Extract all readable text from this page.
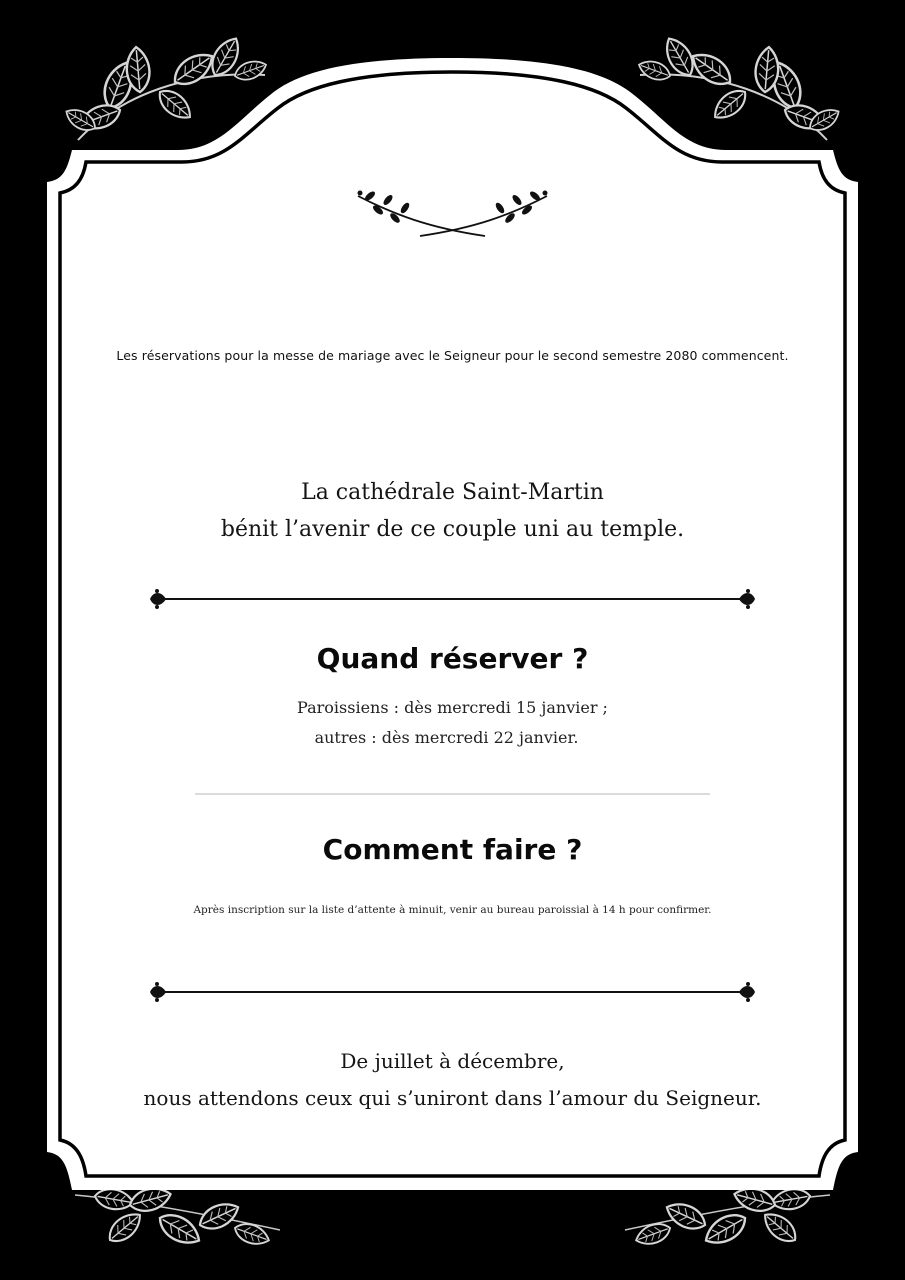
Les réservations pour la messe de mariage avec le Seigneur pour le second semestre 2080 commencent.
La cathédrale Saint-Martin
bénit l’avenir de ce couple uni au temple.
Quand réserver ?
Paroissiens : dès mercredi 15 janvier ;
autres : dès mercredi 22 janvier.
Comment faire ?
Après inscription sur la liste d’attente à minuit, venir au bureau paroissial à 14 h pour confirmer.
De juillet à décembre,
nous attendons ceux qui s’uniront dans l’amour du Seigneur.
